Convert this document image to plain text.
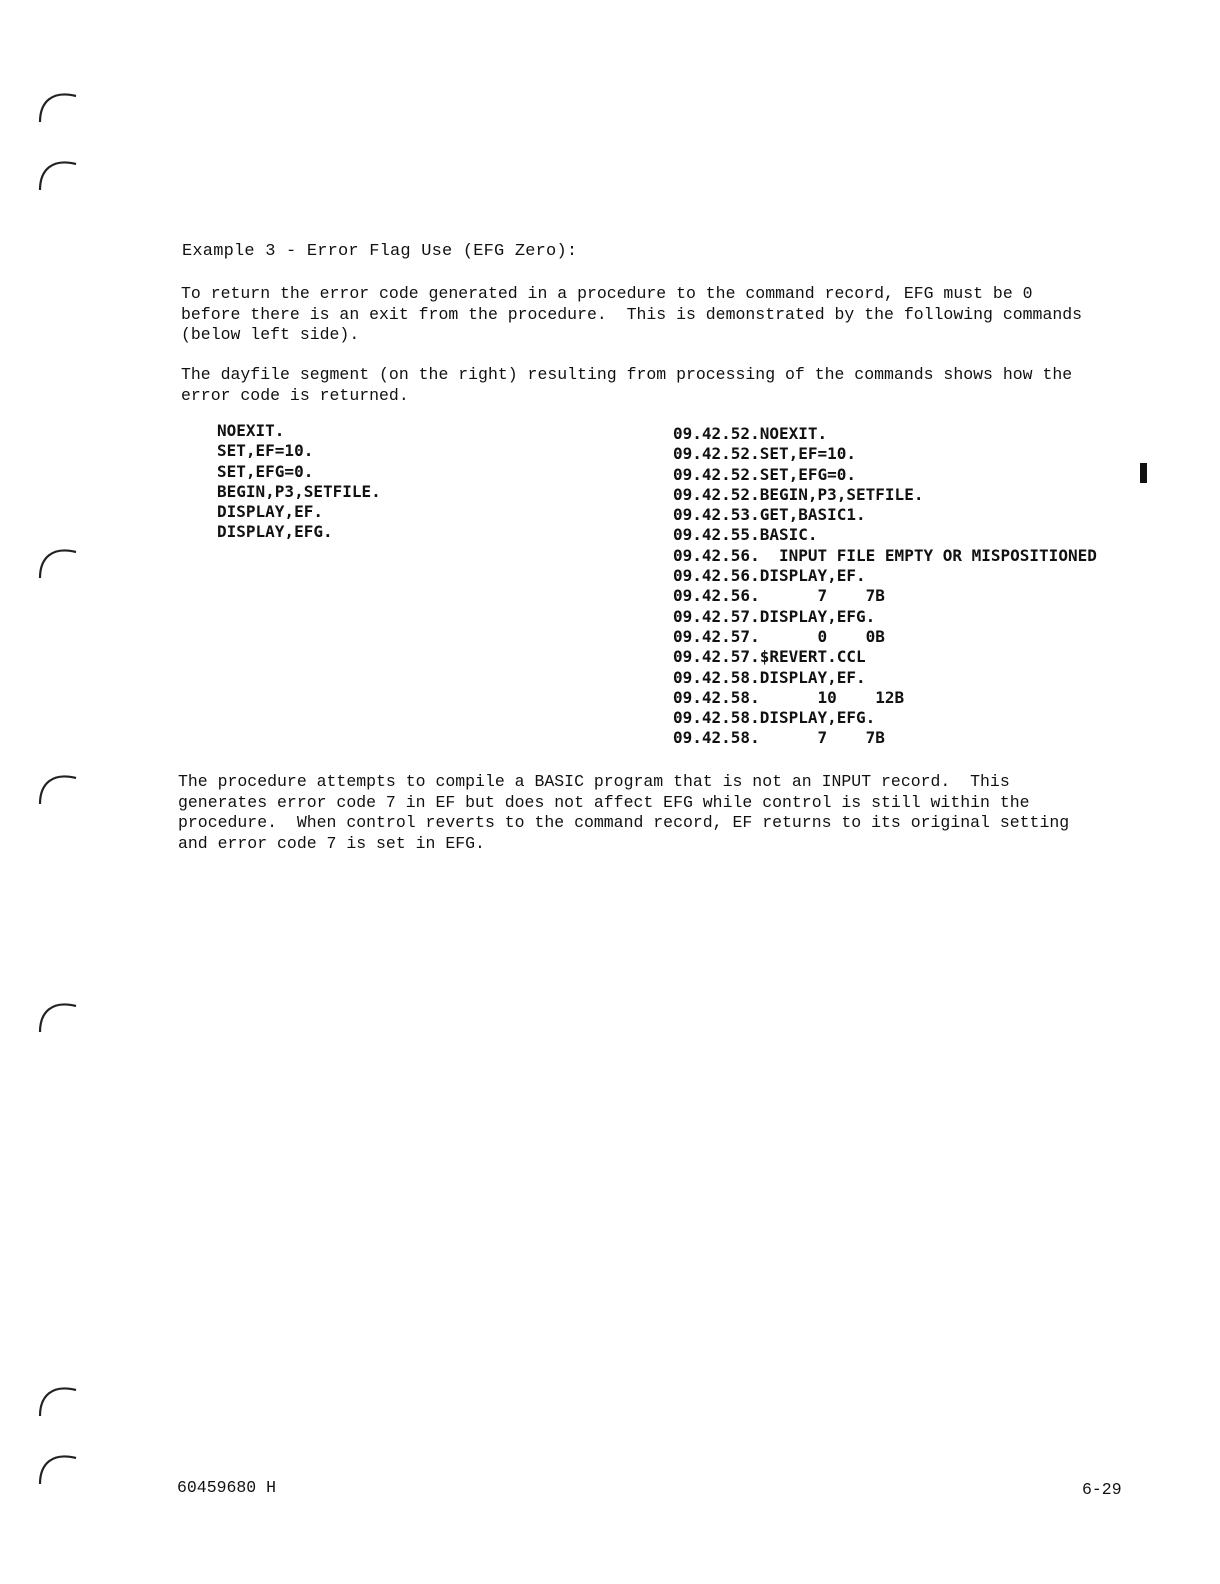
Example 3 - Error Flag Use (EFG Zero):
To return the error code generated in a procedure to the command record, EFG must be 0
before there is an exit from the procedure.  This is demonstrated by the following commands
(below left side).
The dayfile segment (on the right) resulting from processing of the commands shows how the
error code is returned.
NOEXIT.
SET,EF=10.
SET,EFG=0.
BEGIN,P3,SETFILE.
DISPLAY,EF.
DISPLAY,EFG.
09.42.52.NOEXIT.
09.42.52.SET,EF=10.
09.42.52.SET,EFG=0.
09.42.52.BEGIN,P3,SETFILE.
09.42.53.GET,BASIC1.
09.42.55.BASIC.
09.42.56.  INPUT FILE EMPTY OR MISPOSITIONED
09.42.56.DISPLAY,EF.
09.42.56.      7    7B
09.42.57.DISPLAY,EFG.
09.42.57.      0    0B
09.42.57.$REVERT.CCL
09.42.58.DISPLAY,EF.
09.42.58.      10    12B
09.42.58.DISPLAY,EFG.
09.42.58.      7    7B
The procedure attempts to compile a BASIC program that is not an INPUT record.  This
generates error code 7 in EF but does not affect EFG while control is still within the
procedure.  When control reverts to the command record, EF returns to its original setting
and error code 7 is set in EFG.
60459680 H	6-29
